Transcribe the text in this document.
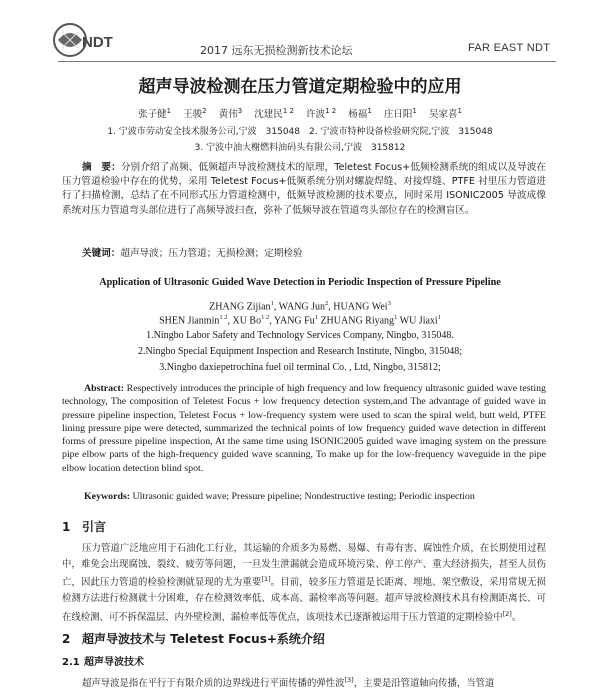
NDT	2017 远东无损检测新技术论坛	FAR EAST NDT
超声导波检测在压力管道定期检验中的应用
张子健$^1$ 王骏$^2$ 黄伟$^3$ 沈建民$^{1 2}$ 许波$^{1 2}$ 杨福$^1$ 庄日阳$^1$ 吴家喜$^1$
1. 宁波市劳动安全技术服务公司,宁波　315048　2. 宁波市特种设备检验研究院,宁波　315048
3. 宁波中油大榭燃料油码头有限公司,宁波　315812
摘　要：分别介绍了高频、低频超声导波检测技术的原理，Teletest Focus+低频检测系统的组成以及导波在压力管道检验中存在的优势，采用 Teletest Focus+低频系统分别对螺旋焊缝、对接焊缝、PTFE 衬里压力管道进行了扫描检测，总结了在不同形式压力管道检测中，低频导波检测的技术要点，同时采用 ISONIC2005 导波成像系统对压力管道弯头部位进行了高频导波扫查，弥补了低频导波在管道弯头部位存在的检测盲区。
关键词：超声导波；压力管道；无损检测；定期检验
Application of Ultrasonic Guided Wave Detection in Periodic Inspection of Pressure Pipeline
ZHANG Zijian$^1$, WANG Jun$^2$, HUANG Wei$^3$
SHEN Jianmin$^{1 2}$, XU $Bo^{1 2}$, YANG Fu$^1$ ZHUANG Riyang$^1$ WU Jiaxi$^1$
1.Ningbo Labor Safety and Technology Services Company, Ningbo, 315048.
2.Ningbo Special Equipment Inspection and Research Institute, Ningbo, 315048;
3.Ningbo daxiepetrochina fuel oil terminal Co. , Ltd, Ningbo, 315812;
Abstract: Respectively introduces the principle of high frequency and low frequency ultrasonic guided wave testing technology, The composition of Teletest Focus + low frequency detection system,and The advantage of guided wave in pressure pipeline inspection, Teletest Focus + low-frequency system were used to scan the spiral weld, butt weld, PTFE lining pressure pipe were detected, summarized the technical points of low frequency guided wave detection in different forms of pressure pipeline inspection, At the same time using ISONIC2005 guided wave imaging system on the pressure pipe elbow parts of the high-frequency guided wave scanning, To make up for the low-frequency waveguide in the pipe elbow location detection blind spot.
Keywords: Ultrasonic guided wave; Pressure pipeline; Nondestructive testing; Periodic inspection
1 引言
压力管道广泛地应用于石油化工行业，其运输的介质多为易燃、易爆、有毒有害、腐蚀性介质，在长期使用过程中，难免会出现腐蚀、裂纹、疲劳等问题，一旦发生泄漏就会造成环境污染、停工停产、重大经济损失，甚至人员伤亡，因此压力管道的检验检测就显现的尤为重要[1]。目前，较多压力管道是长距离、埋地、架空敷设，采用常规无损检测方法进行检测就十分困难，存在检测效率低、成本高、漏检率高等问题。超声导波检测技术具有检测距离长、可在线检测、可不拆保温层、内外壁检测、漏检率低等优点，该项技术已逐渐被运用于压力管道的定期检验中[2]。
2 超声导波技术与 Teletest Focus+系统介绍
2.1 超声导波技术
超声导波是指在平行于有限介质的边界线进行平面传播的弹性波[3]，主要是沿管道轴向传播，当管道
